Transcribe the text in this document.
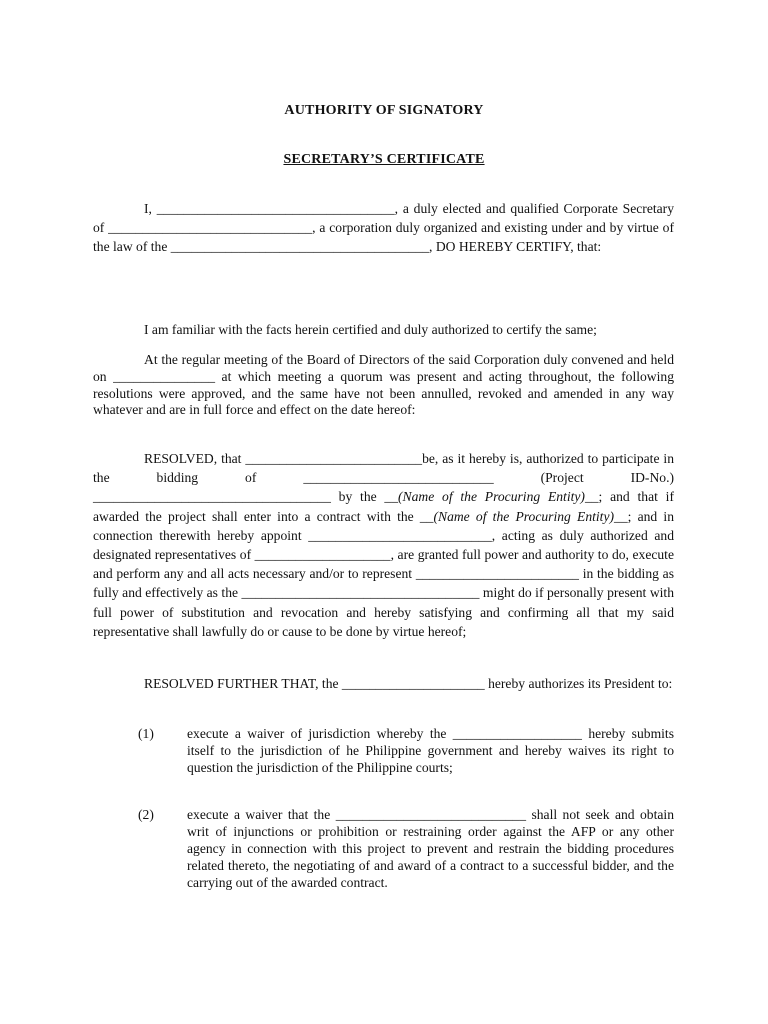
AUTHORITY OF SIGNATORY
SECRETARY’S CERTIFICATE
I, ___________________________________, a duly elected and qualified Corporate Secretary of ______________________________, a corporation duly organized and existing under and by virtue of the law of the ______________________________________, DO HEREBY CERTIFY, that:
I am familiar with the facts herein certified and duly authorized to certify the same;
At the regular meeting of the Board of Directors of the said Corporation duly convened and held on _______________ at which meeting a quorum was present and acting throughout, the following resolutions were approved, and the same have not been annulled, revoked and amended in any way whatever and are in full force and effect on the date hereof:
RESOLVED, that __________________________be, as it hereby is, authorized to participate in the bidding of ____________________________ (Project ID-No.) ___________________________________ by the __(Name of the Procuring Entity)__; and that if awarded the project shall enter into a contract with the __(Name of the Procuring Entity)__; and in connection therewith hereby appoint ___________________________, acting as duly authorized and designated representatives of ____________________, are granted full power and authority to do, execute and perform any and all acts necessary and/or to represent ________________________ in the bidding as fully and effectively as the ___________________________________ might do if personally present with full power of substitution and revocation and hereby satisfying and confirming all that my said representative shall lawfully do or cause to be done by virtue hereof;
RESOLVED FURTHER THAT, the _____________________ hereby authorizes its President to:
(1) execute a waiver of jurisdiction whereby the ___________________ hereby submits itself to the jurisdiction of he Philippine government and hereby waives its right to question the jurisdiction of the Philippine courts;
(2) execute a waiver that the ____________________________ shall not seek and obtain writ of injunctions or prohibition or restraining order against the AFP or any other agency in connection with this project to prevent and restrain the bidding procedures related thereto, the negotiating of and award of a contract to a successful bidder, and the carrying out of the awarded contract.
